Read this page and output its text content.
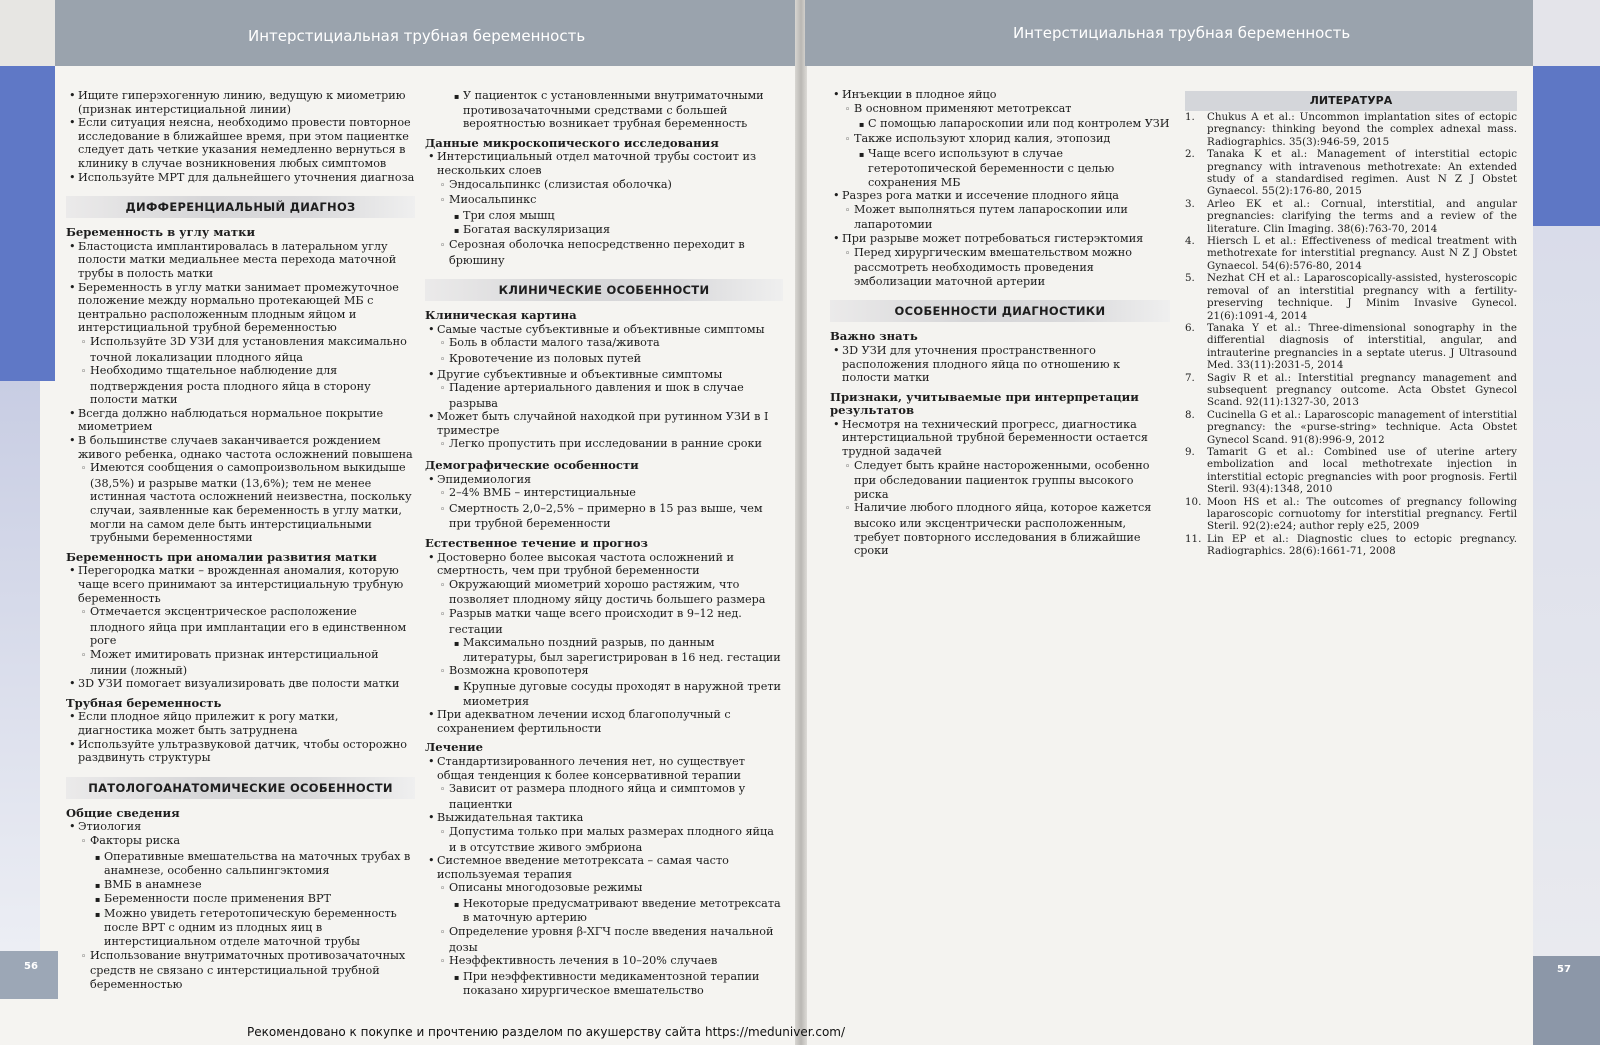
56	57
Интерстициальная трубная беременность	Интерстициальная трубная беременность
• Ищите гиперэхогенную линию, ведущую к миометрию (признак интерстициальной линии)
• Если ситуация неясна, необходимо провести повторное исследование в ближайшее время, при этом пациентке следует дать четкие указания немедленно вернуться в клинику в случае возникновения любых симптомов
• Используйте МРТ для дальнейшего уточнения диагноза
ДИФФЕРЕНЦИАЛЬНЫЙ ДИАГНОЗ
Беременность в углу матки
• Бластоциста имплантировалась в латеральном углу полости матки медиальнее места перехода маточной трубы в полость матки
• Беременность в углу матки занимает промежуточное положение между нормально протекающей МБ с центрально расположенным плодным яйцом и интерстициальной трубной беременностью
◦ Используйте 3D УЗИ для установления максимально точной локализации плодного яйца
◦ Необходимо тщательное наблюдение для подтверждения роста плодного яйца в сторону полости матки
• Всегда должно наблюдаться нормальное покрытие миометрием
• В большинстве случаев заканчивается рождением живого ребенка, однако частота осложнений повышена
◦ Имеются сообщения о самопроизвольном выкидыше (38,5%) и разрыве матки (13,6%); тем не менее истинная частота осложнений неизвестна, поскольку случаи, заявленные как беременность в углу матки, могли на самом деле быть интерстициальными трубными беременностями
Беременность при аномалии развития матки
• Перегородка матки – врожденная аномалия, которую чаще всего принимают за интерстициальную трубную беременность
◦ Отмечается эксцентрическое расположение плодного яйца при имплантации его в единственном роге
◦ Может имитировать признак интерстициальной линии (ложный)
• 3D УЗИ помогает визуализировать две полости матки
Трубная беременность
• Если плодное яйцо прилежит к рогу матки, диагностика может быть затруднена
• Используйте ультразвуковой датчик, чтобы осторожно раздвинуть структуры
ПАТОЛОГОАНАТОМИЧЕСКИЕ ОСОБЕННОСТИ
Общие сведения
• Этиология
◦ Факторы риска
▪ Оперативные вмешательства на маточных трубах в анамнезе, особенно сальпингэктомия
▪ ВМБ в анамнезе
▪ Беременности после применения ВРТ
▪ Можно увидеть гетеротопическую беременность после ВРТ с одним из плодных яиц в интерстициальном отделе маточной трубы
◦ Использование внутриматочных противозачаточных средств не связано с интерстициальной трубной беременностью
▪ У пациенток с установленными внутриматочными противозачаточными средствами с большей вероятностью возникает трубная беременность
Данные микроскопического исследования
• Интерстициальный отдел маточной трубы состоит из нескольких слоев
◦ Эндосальпинкс (слизистая оболочка)
◦ Миосальпинкс
▪ Три слоя мышц
▪ Богатая васкуляризация
◦ Серозная оболочка непосредственно переходит в брюшину
КЛИНИЧЕСКИЕ ОСОБЕННОСТИ
Клиническая картина
• Самые частые субъективные и объективные симптомы
◦ Боль в области малого таза/живота
◦ Кровотечение из половых путей
• Другие субъективные и объективные симптомы
◦ Падение артериального давления и шок в случае разрыва
• Может быть случайной находкой при рутинном УЗИ в I триместре
◦ Легко пропустить при исследовании в ранние сроки
Демографические особенности
• Эпидемиология
◦ 2–4% ВМБ – интерстициальные
◦ Смертность 2,0–2,5% – примерно в 15 раз выше, чем при трубной беременности
Естественное течение и прогноз
• Достоверно более высокая частота осложнений и смертность, чем при трубной беременности
◦ Окружающий миометрий хорошо растяжим, что позволяет плодному яйцу достичь большего размера
◦ Разрыв матки чаще всего происходит в 9–12 нед. гестации
▪ Максимально поздний разрыв, по данным литературы, был зарегистрирован в 16 нед. гестации
◦ Возможна кровопотеря
▪ Крупные дуговые сосуды проходят в наружной трети миометрия
• При адекватном лечении исход благополучный с сохранением фертильности
Лечение
• Стандартизированного лечения нет, но существует общая тенденция к более консервативной терапии
◦ Зависит от размера плодного яйца и симптомов у пациентки
• Выжидательная тактика
◦ Допустима только при малых размерах плодного яйца и в отсутствие живого эмбриона
• Системное введение метотрексата – самая часто используемая терапия
◦ Описаны многодозовые режимы
▪ Некоторые предусматривают введение метотрексата в маточную артерию
◦ Определение уровня β-ХГЧ после введения начальной дозы
◦ Неэффективность лечения в 10–20% случаев
▪ При неэффективности медикаментозной терапии показано хирургическое вмешательство
• Инъекции в плодное яйцо
◦ В основном применяют метотрексат
▪ С помощью лапароскопии или под контролем УЗИ
◦ Также используют хлорид калия, этопозид
▪ Чаще всего используют в случае гетеротопической беременности с целью сохранения МБ
• Разрез рога матки и иссечение плодного яйца
◦ Может выполняться путем лапароскопии или лапаротомии
• При разрыве может потребоваться гистерэктомия
◦ Перед хирургическим вмешательством можно рассмотреть необходимость проведения эмболизации маточной артерии
ОСОБЕННОСТИ ДИАГНОСТИКИ
Важно знать
• 3D УЗИ для уточнения пространственного расположения плодного яйца по отношению к полости матки
Признаки, учитываемые при интерпретации результатов
• Несмотря на технический прогресс, диагностика интерстициальной трубной беременности остается трудной задачей
◦ Следует быть крайне настороженными, особенно при обследовании пациенток группы высокого риска
◦ Наличие любого плодного яйца, которое кажется высоко или эксцентрически расположенным, требует повторного исследования в ближайшие сроки
ЛИТЕРАТУРА
1.	Chukus A et al.: Uncommon implantation sites of ectopic pregnancy: thinking beyond the complex adnexal mass. Radiographics. 35(3):946-59, 2015
2.	Tanaka K et al.: Management of interstitial ectopic pregnancy with intravenous methotrexate: An extended study of a standardised regimen. Aust N Z J Obstet Gynaecol. 55(2):176-80, 2015
3.	Arleo EK et al.: Cornual, interstitial, and angular pregnancies: clarifying the terms and a review of the literature. Clin Imaging. 38(6):763-70, 2014
4.	Hiersch L et al.: Effectiveness of medical treatment with methotrexate for interstitial pregnancy. Aust N Z J Obstet Gynaecol. 54(6):576-80, 2014
5.	Nezhat CH et al.: Laparoscopically-assisted, hysteroscopic removal of an interstitial pregnancy with a fertility-preserving technique. J Minim Invasive Gynecol. 21(6):1091-4, 2014
6.	Tanaka Y et al.: Three-dimensional sonography in the differential diagnosis of interstitial, angular, and intrauterine pregnancies in a septate uterus. J Ultrasound Med. 33(11):2031-5, 2014
7.	Sagiv R et al.: Interstitial pregnancy management and subsequent pregnancy outcome. Acta Obstet Gynecol Scand. 92(11):1327-30, 2013
8.	Cucinella G et al.: Laparoscopic management of interstitial pregnancy: the «purse-string» technique. Acta Obstet Gynecol Scand. 91(8):996-9, 2012
9.	Tamarit G et al.: Combined use of uterine artery embolization and local methotrexate injection in interstitial ectopic pregnancies with poor prognosis. Fertil Steril. 93(4):1348, 2010
10. Moon HS et al.: The outcomes of pregnancy following laparoscopic cornuotomy for interstitial pregnancy. Fertil Steril. 92(2):e24; author reply e25, 2009
11. Lin EP et al.: Diagnostic clues to ectopic pregnancy. Radiographics. 28(6):1661-71, 2008
Рекомендовано к покупке и прочтению разделом по акушерству сайта https://meduniver.com/
